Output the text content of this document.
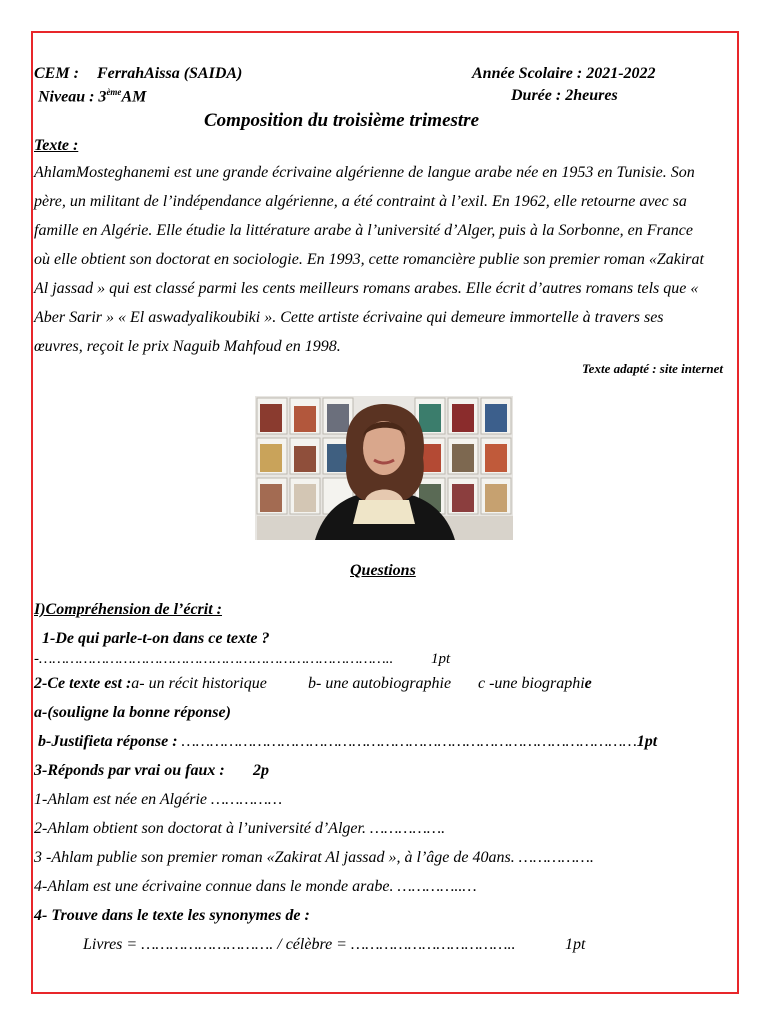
CEM : FerrahAissa (SAIDA)	Année Scolaire : 2021-2022
Niveau : 3èmeAM	Durée : 2heures
Composition du troisième trimestre
Texte :

AhlamMosteghanemi est une grande écrivaine algérienne de langue arabe née en 1953 en Tunisie. Son

père, un militant de l’indépendance algérienne, a été contraint à l’exil. En 1962, elle retourne avec sa

famille en Algérie. Elle étudie la littérature arabe à l’université d’Alger, puis à la Sorbonne, en France

où elle obtient son doctorat en sociologie. En 1993, cette romancière publie son premier roman «Zakirat

Al jassad » qui est classé parmi les cents meilleurs romans arabes. Elle écrit d’autres romans tels que «

Aber Sarir » « El aswadyalikoubiki ». Cette artiste écrivaine qui demeure immortelle à travers ses

œuvres, reçoit le prix Naguib Mahfoud en 1998.

Texte adapté : site internet
Questions
I)Compréhension de l’écrit :
1-De qui parle-t-on dans ce texte ?
-……………………………………………………………………..	1pt
2-Ce texte est :a- un récit historique	b- une autobiographie c -une biographie
a-(souligne la bonne réponse)
b-Justifieta réponse : ……………………………………………………………………………………1pt
3-Réponds par vrai ou faux : 2p
1-Ahlam est née en Algérie ……………
2-Ahlam obtient son doctorat à l’université d’Alger. …………….
3 -Ahlam publie son premier roman «Zakirat Al jassad », à l’âge de 40ans. …………….
4-Ahlam est une écrivaine connue dans le monde arabe. …………..…
4- Trouve dans le texte les synonymes de :
Livres = ………………………. / célèbre = ……………………………..	1pt
